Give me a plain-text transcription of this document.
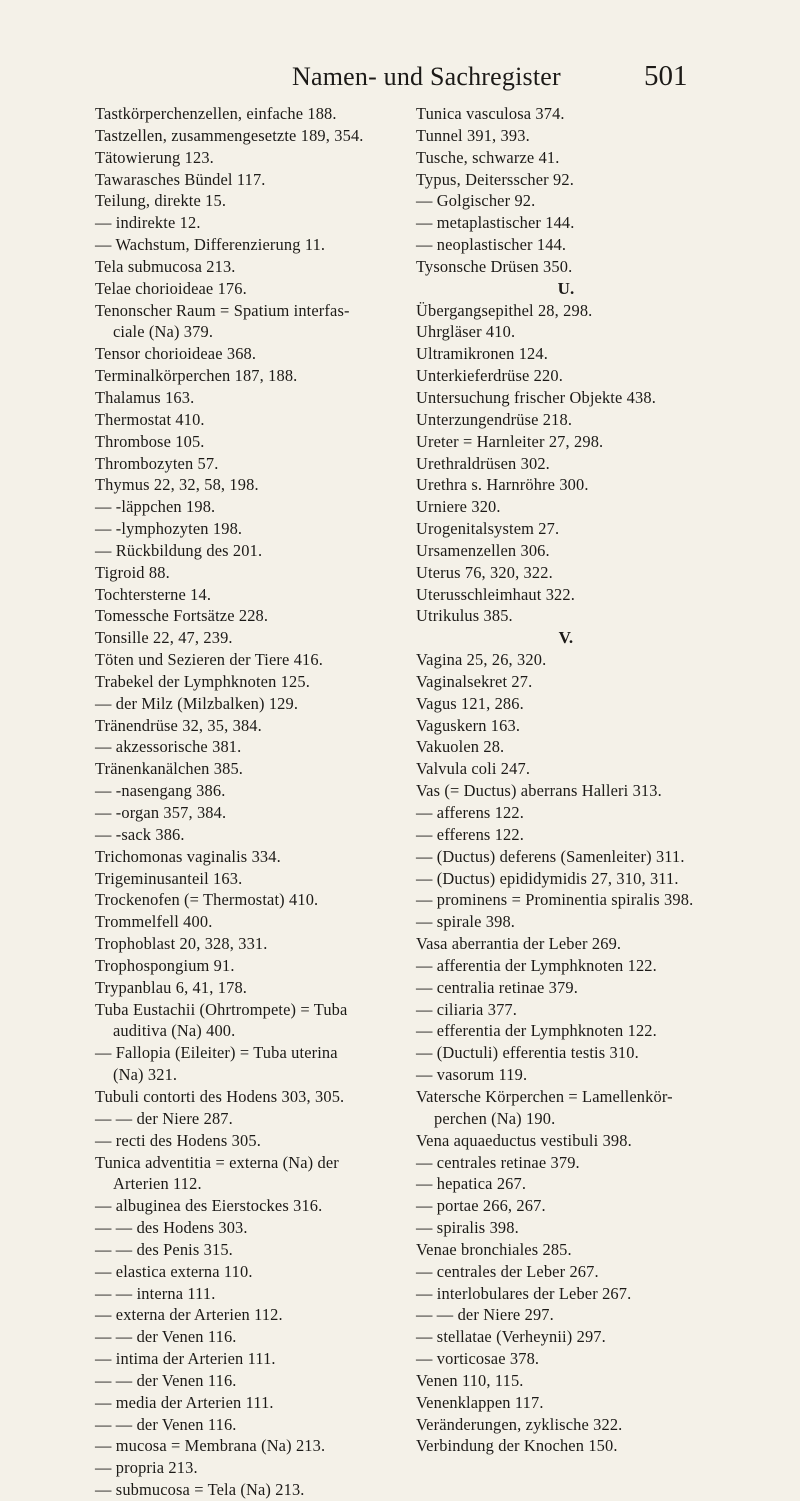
Namen- und Sachregister	501
Tastkörperchenzellen, einfache 188.
Tastzellen, zusammengesetzte 189, 354.
Tätowierung 123.
Tawarasches Bündel 117.
Teilung, direkte 15.
— indirekte 12.
— Wachstum, Differenzierung 11.
Tela submucosa 213.
Telae chorioideae 176.
Tenonscher Raum = Spatium interfas-
ciale (Na) 379.
Tensor chorioideae 368.
Terminalkörperchen 187, 188.
Thalamus 163.
Thermostat 410.
Thrombose 105.
Thrombozyten 57.
Thymus 22, 32, 58, 198.
— -läppchen 198.
— -lymphozyten 198.
— Rückbildung des 201.
Tigroid 88.
Tochtersterne 14.
Tomessche Fortsätze 228.
Tonsille 22, 47, 239.
Töten und Sezieren der Tiere 416.
Trabekel der Lymphknoten 125.
— der Milz (Milzbalken) 129.
Tränendrüse 32, 35, 384.
— akzessorische 381.
Tränenkanälchen 385.
— -nasengang 386.
— -organ 357, 384.
— -sack 386.
Trichomonas vaginalis 334.
Trigeminusanteil 163.
Trockenofen (= Thermostat) 410.
Trommelfell 400.
Trophoblast 20, 328, 331.
Trophospongium 91.
Trypanblau 6, 41, 178.
Tuba Eustachii (Ohrtrompete) = Tuba
auditiva (Na) 400.
— Fallopia (Eileiter) = Tuba uterina
(Na) 321.
Tubuli contorti des Hodens 303, 305.
— — der Niere 287.
— recti des Hodens 305.
Tunica adventitia = externa (Na) der
Arterien 112.
— albuginea des Eierstockes 316.
— — des Hodens 303.
— — des Penis 315.
— elastica externa 110.
— — interna 111.
— externa der Arterien 112.
— — der Venen 116.
— intima der Arterien 111.
— — der Venen 116.
— media der Arterien 111.
— — der Venen 116.
— mucosa = Membrana (Na) 213.
— propria 213.
— submucosa = Tela (Na) 213.
Tunica vasculosa 374.
Tunnel 391, 393.
Tusche, schwarze 41.
Typus, Deitersscher 92.
— Golgischer 92.
— metaplastischer 144.
— neoplastischer 144.
Tysonsche Drüsen 350.
U.
Übergangsepithel 28, 298.
Uhrgläser 410.
Ultramikronen 124.
Unterkieferdrüse 220.
Untersuchung frischer Objekte 438.
Unterzungendrüse 218.
Ureter = Harnleiter 27, 298.
Urethraldrüsen 302.
Urethra s. Harnröhre 300.
Urniere 320.
Urogenitalsystem 27.
Ursamenzellen 306.
Uterus 76, 320, 322.
Uterusschleimhaut 322.
Utrikulus 385.
V.
Vagina 25, 26, 320.
Vaginalsekret 27.
Vagus 121, 286.
Vaguskern 163.
Vakuolen 28.
Valvula coli 247.
Vas (= Ductus) aberrans Halleri 313.
— afferens 122.
— efferens 122.
— (Ductus) deferens (Samenleiter) 311.
— (Ductus) epididymidis 27, 310, 311.
— prominens = Prominentia spiralis 398.
— spirale 398.
Vasa aberrantia der Leber 269.
— afferentia der Lymphknoten 122.
— centralia retinae 379.
— ciliaria 377.
— efferentia der Lymphknoten 122.
— (Ductuli) efferentia testis 310.
— vasorum 119.
Vatersche Körperchen = Lamellenkör-
perchen (Na) 190.
Vena aquaeductus vestibuli 398.
— centrales retinae 379.
— hepatica 267.
— portae 266, 267.
— spiralis 398.
Venae bronchiales 285.
— centrales der Leber 267.
— interlobulares der Leber 267.
— — der Niere 297.
— stellatae (Verheynii) 297.
— vorticosae 378.
Venen 110, 115.
Venenklappen 117.
Veränderungen, zyklische 322.
Verbindung der Knochen 150.
